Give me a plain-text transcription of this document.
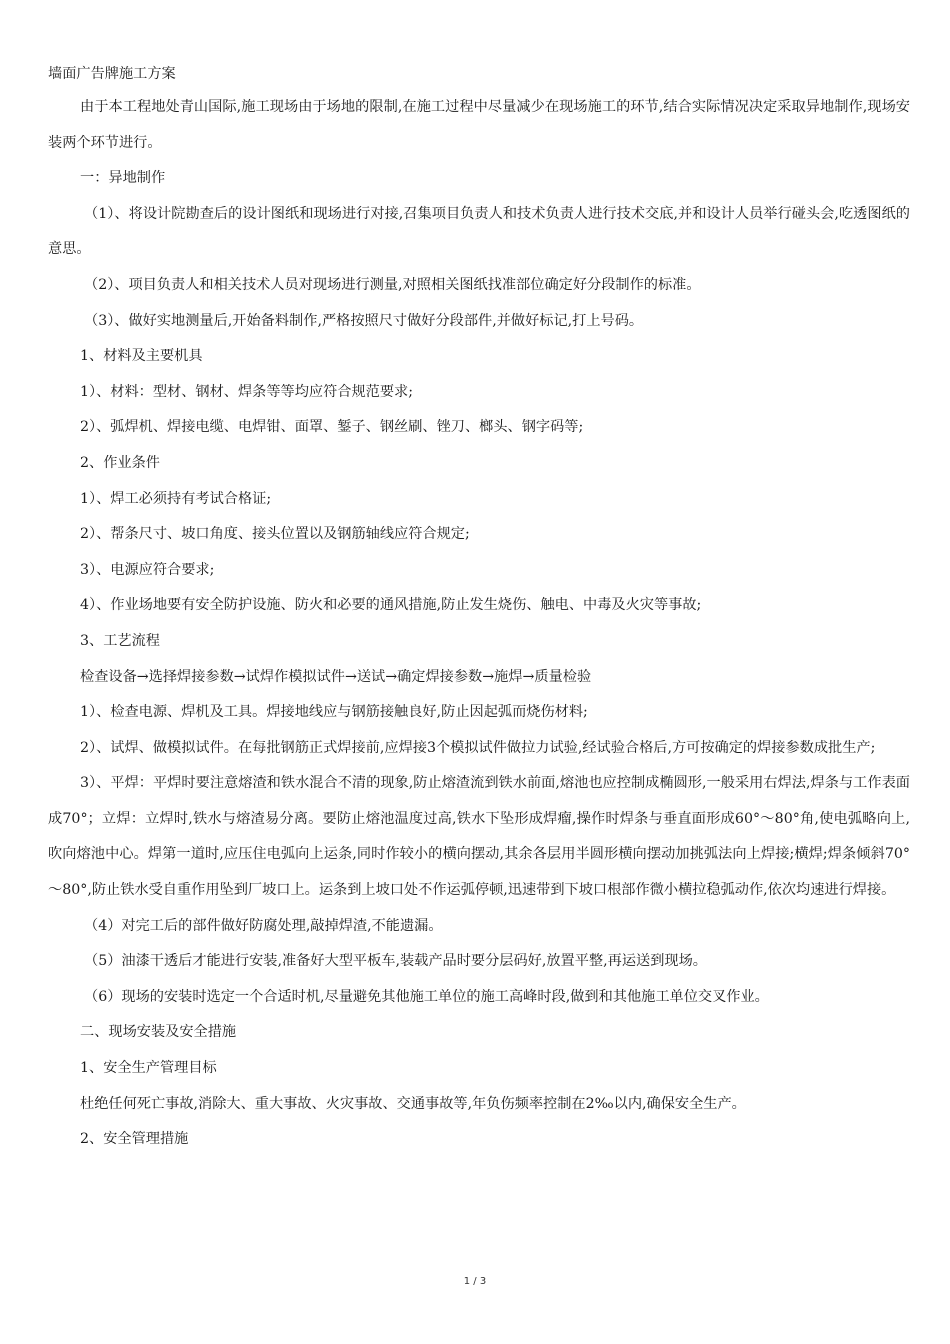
墙面广告牌施工方案

由于本工程地处青山国际,施工现场由于场地的限制,在施工过程中尽量减少在现场施工的环节,结合实际情况决定采取异地制作,现场安装两个环节进行。

一：异地制作

（1）、将设计院勘查后的设计图纸和现场进行对接,召集项目负责人和技术负责人进行技术交底,并和设计人员举行碰头会,吃透图纸的意思。

（2）、项目负责人和相关技术人员对现场进行测量,对照相关图纸找准部位确定好分段制作的标准。

（3）、做好实地测量后,开始备料制作,严格按照尺寸做好分段部件,并做好标记,打上号码。

1、材料及主要机具

1）、材料：型材、钢材、焊条等等均应符合规范要求;

2）、弧焊机、焊接电缆、电焊钳、面罩、錾子、钢丝刷、锉刀、榔头、钢字码等;

2、作业条件

1）、焊工必须持有考试合格证;

2）、帮条尺寸、坡口角度、接头位置以及钢筋轴线应符合规定;

3）、电源应符合要求;

4）、作业场地要有安全防护设施、防火和必要的通风措施,防止发生烧伤、触电、中毒及火灾等事故;

3、工艺流程

检查设备→选择焊接参数→试焊作模拟试件→送试→确定焊接参数→施焊→质量检验

1）、检查电源、焊机及工具。焊接地线应与钢筋接触良好,防止因起弧而烧伤材料;

2）、试焊、做模拟试件。在每批钢筋正式焊接前,应焊接3个模拟试件做拉力试验,经试验合格后,方可按确定的焊接参数成批生产;

3）、平焊：平焊时要注意熔渣和铁水混合不清的现象,防止熔渣流到铁水前面,熔池也应控制成椭圆形,一般采用右焊法,焊条与工作表面成70°；立焊：立焊时,铁水与熔渣易分离。要防止熔池温度过高,铁水下坠形成焊瘤,操作时焊条与垂直面形成60°～80°角,使电弧略向上,吹向熔池中心。焊第一道时,应压住电弧向上运条,同时作较小的横向摆动,其余各层用半圆形横向摆动加挑弧法向上焊接;横焊;焊条倾斜70°～80°,防止铁水受自重作用坠到厂坡口上。运条到上坡口处不作运弧停顿,迅速带到下坡口根部作微小横拉稳弧动作,依次均速进行焊接。

（4）对完工后的部件做好防腐处理,敲掉焊渣,不能遗漏。

（5）油漆干透后才能进行安装,准备好大型平板车,装载产品时要分层码好,放置平整,再运送到现场。

（6）现场的安装时选定一个合适时机,尽量避免其他施工单位的施工高峰时段,做到和其他施工单位交叉作业。

二、现场安装及安全措施

1、安全生产管理目标

杜绝任何死亡事故,消除大、重大事故、火灾事故、交通事故等,年负伤频率控制在2‰以内,确保安全生产。

2、安全管理措施

1 / 3
